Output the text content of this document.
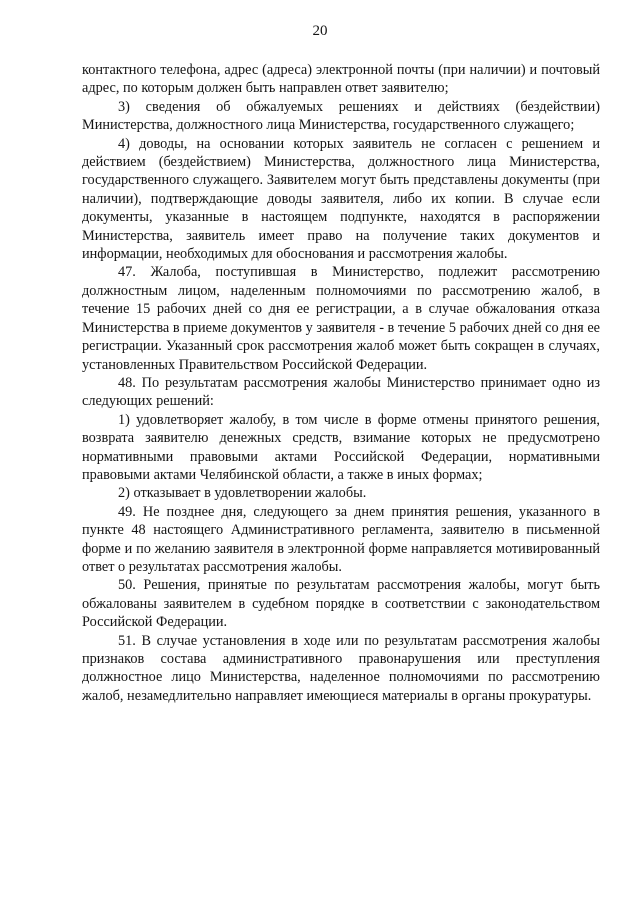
20

контактного телефона, адрес (адреса) электронной почты (при наличии) и почтовый адрес, по которым должен быть направлен ответ заявителю;

3) сведения об обжалуемых решениях и действиях (бездействии) Министерства, должностного лица Министерства, государственного служащего;

4) доводы, на основании которых заявитель не согласен с решением и действием (бездействием) Министерства, должностного лица Министерства, государственного служащего. Заявителем могут быть представлены документы (при наличии), подтверждающие доводы заявителя, либо их копии. В случае если документы, указанные в настоящем подпункте, находятся в распоряжении Министерства, заявитель имеет право на получение таких документов и информации, необходимых для обоснования и рассмотрения жалобы.

47. Жалоба, поступившая в Министерство, подлежит рассмотрению должностным лицом, наделенным полномочиями по рассмотрению жалоб, в течение 15 рабочих дней со дня ее регистрации, а в случае обжалования отказа Министерства в приеме документов у заявителя - в течение 5 рабочих дней со дня ее регистрации. Указанный срок рассмотрения жалоб может быть сокращен в случаях, установленных Правительством Российской Федерации.

48. По результатам рассмотрения жалобы Министерство принимает одно из следующих решений:

1) удовлетворяет жалобу, в том числе в форме отмены принятого решения, возврата заявителю денежных средств, взимание которых не предусмотрено нормативными правовыми актами Российской Федерации, нормативными правовыми актами Челябинской области, а также в иных формах;

2) отказывает в удовлетворении жалобы.

49. Не позднее дня, следующего за днем принятия решения, указанного в пункте 48 настоящего Административного регламента, заявителю в письменной форме и по желанию заявителя в электронной форме направляется мотивированный ответ о результатах рассмотрения жалобы.

50. Решения, принятые по результатам рассмотрения жалобы, могут быть обжалованы заявителем в судебном порядке в соответствии с законодательством Российской Федерации.

51. В случае установления в ходе или по результатам рассмотрения жалобы признаков состава административного правонарушения или преступления должностное лицо Министерства, наделенное полномочиями по рассмотрению жалоб, незамедлительно направляет имеющиеся материалы в органы прокуратуры.
